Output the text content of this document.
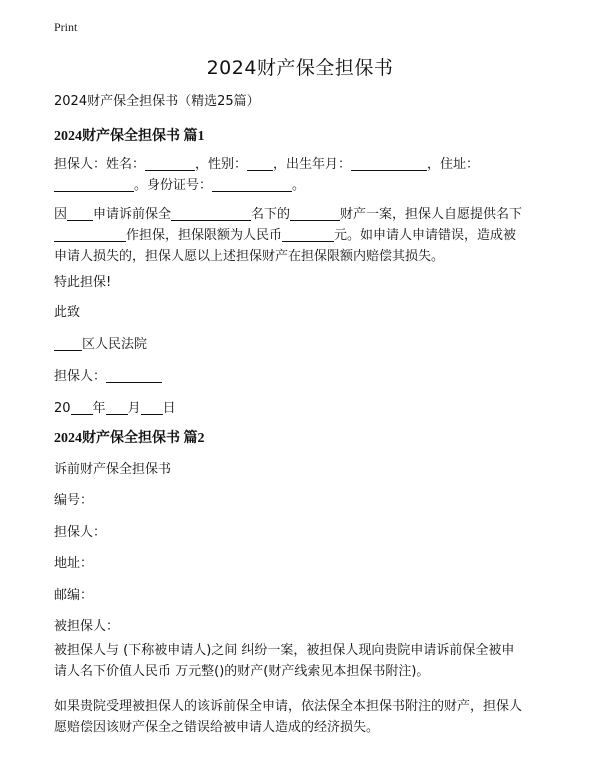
Print
2024财产保全担保书
2024财产保全担保书（精选25篇）
2024财产保全担保书 篇1
担保人：姓名：	，性别： ，出生年月：	，住址：
。身份证号：	。
因 申请诉前保全	名下的	财产一案，担保人自愿提供名下
作担保，担保限额为人民币	元。如申请人申请错误，造成被
申请人损失的，担保人愿以上述担保财产在担保限额内赔偿其损失。
特此担保!
此致
区人民法院
担保人：
20 年 月 日
2024财产保全担保书 篇2
诉前财产保全担保书
编号：
担保人：
地址：
邮编：
被担保人：
被担保人与 (下称被申请人)之间 纠纷一案，被担保人现向贵院申请诉前保全被申
请人名下价值人民币 万元整()的财产(财产线索见本担保书附注)。
如果贵院受理被担保人的该诉前保全申请，依法保全本担保书附注的财产，担保人
愿赔偿因该财产保全之错误给被申请人造成的经济损失。
